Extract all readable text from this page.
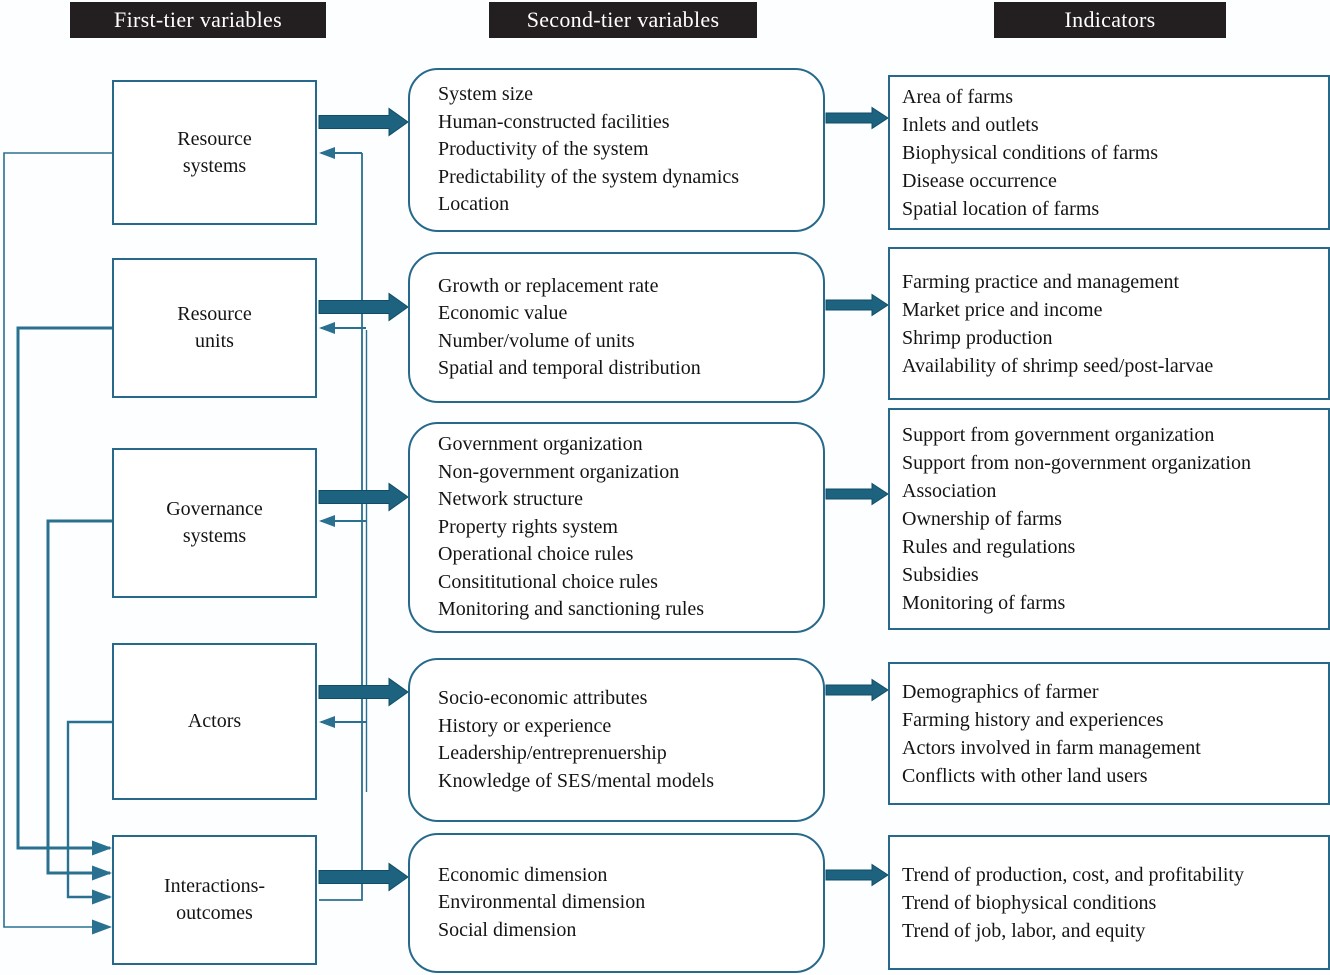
First-tier variables	Second-tier variables	Indicators
Resource
systems
Resource
units
Governance
systems
Actors
Interactions-
outcomes
System size
Human-constructed facilities
Productivity of the system
Predictability of the system dynamics
Location
Growth or replacement rate
Economic value
Number/volume of units
Spatial and temporal distribution
Government organization
Non-government organization
Network structure
Property rights system
Operational choice rules
Consititutional choice rules
Monitoring and sanctioning rules
Socio-economic attributes
History or experience
Leadership/entreprenuership
Knowledge of SES/mental models
Economic dimension
Environmental dimension
Social dimension
Area of farms
Inlets and outlets
Biophysical conditions of farms
Disease occurrence
Spatial location of farms
Farming practice and management
Market price and income
Shrimp production
Availability of shrimp seed/post-larvae
Support from government organization
Support from non-government organization
Association
Ownership of farms
Rules and regulations
Subsidies
Monitoring of farms
Demographics of farmer
Farming history and experiences
Actors involved in farm management
Conflicts with other land users
Trend of production, cost, and profitability
Trend of biophysical conditions
Trend of job, labor, and equity
